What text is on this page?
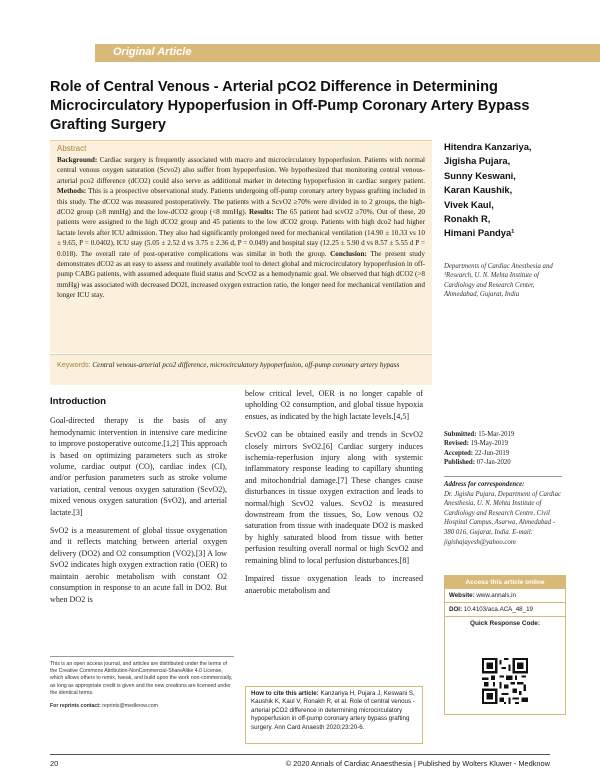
Original Article
Role of Central Venous - Arterial pCO2 Difference in Determining Microcirculatory Hypoperfusion in Off-Pump Coronary Artery Bypass Grafting Surgery
Abstract
Background: Cardiac surgery is frequently associated with macro and microcirculatory hypoperfusion. Patients with normal central venous oxygen saturation (Scvo2) also suffer from hypoperfusion. We hypothesized that monitoring central venous-arterial pco2 difference (dCO2) could also serve as additional marker in detecting hypoperfusion in cardiac surgery patient. Methods: This is a prospective observational study. Patients undergoing off-pump coronary artery bypass grafting included in this study. The dCO2 was measured postoperatively. The patients with a ScvO2 ≥70% were divided in to 2 groups, the high-dCO2 group (≥8 mmHg) and the low-dCO2 group (<8 mmHg). Results: The 65 patient had scvO2 ≥70%. Out of these, 20 patients were assigned to the high dCO2 group and 45 patients to the low dCO2 group. Patients with high dco2 had higher lactate levels after ICU admission. They also had significantly prolonged need for mechanical ventilation (14.90 ± 10.33 vs 10 ± 9.65, P = 0.0402), ICU stay (5.05 ± 2.52 d vs 3.75 ± 2.36 d, P = 0.049) and hospital stay (12.25 ± 5.90 d vs 8.57 ± 5.55 d P = 0.018). The overall rate of post-operative complications was similar in both the group. Conclusion: The present study demonstrates dCO2 as an easy to assess and routinely available tool to detect global and microcirculatory hypoperfusion in off-pump CABG patients, with assumed adequate fluid status and ScvO2 as a hemodynamic goal. We observed that high dCO2 (>8 mmHg) was associated with decreased DO2I, increased oxygen extraction ratio, the longer need for mechanical ventilation and longer ICU stay.
Keywords: Central venous-arterial pco2 difference, microcirculatory hypoperfusion, off-pump coronary artery bypass
Hitendra Kanzariya,
Jigisha Pujara,
Sunny Keswani,
Karan Kaushik,
Vivek Kaul,
Ronakh R,
Himani Pandya¹
Departments of Cardiac Anesthesia and ¹Research, U. N. Mehta Institute of Cardiology and Research Center, Ahmedabad, Gujarat, India
Introduction

Goal-directed therapy is the basis of any hemodynamic intervention in intensive care medicine to improve postoperative outcome.[1,2] This approach is based on optimizing parameters such as stroke volume, cardiac output (CO), cardiac index (CI), and/or perfusion parameters such as stroke volume variation, central venous oxygen saturation (ScvO2), mixed venous oxygen saturation (SvO2), and arterial lactate.[3]

SvO2 is a measurement of global tissue oxygenation and it reflects matching between arterial oxygen delivery (DO2) and O2 consumption (VO2).[3] A low SvO2 indicates high oxygen extraction ratio (OER) to maintain aerobic metabolism with constant O2 consumption in response to an acute fall in DO2. But when DO2 is

below critical level, OER is no longer capable of upholding O2 consumption, and global tissue hypoxia ensues, as indicated by the high lactate levels.[4,5]

ScvO2 can be obtained easily and trends in ScvO2 closely mirrors SvO2.[6] Cardiac surgery induces ischemia-reperfusion injury along with systemic inflammatory response leading to capillary shunting and mitochondrial damage.[7] These changes cause disturbances in tissue oxygen extraction and leads to normal/high ScvO2 values. ScvO2 is measured downstream from the tissues, So, Low venous O2 saturation from tissue with inadequate DO2 is masked by highly saturated blood from tissue with better perfusion resulting overall normal or high ScvO2 and remaining blind to local perfusion disturbances.[8]

Impaired tissue oxygenation leads to increased anaerobic metabolism and

Submitted: 15-Mar-2019
Revised: 19-May-2019
Accepted: 22-Jun-2019
Published: 07-Jan-2020
Address for correspondence:
Dr. Jigisha Pujara, Department of Cardiac Anesthesia, U. N. Mehta Institute of Cardiology and Research Centre, Civil Hospital Campus, Asarwa, Ahmedabad - 380 016, Gujarat, India. E-mail: jigishajayesh@yahoo.com
Access this article online
Website: www.annals.in
DOI: 10.4103/aca.ACA_48_19
Quick Response Code:
This is an open access journal, and articles are distributed under the terms of the Creative Commons Attribution-NonCommercial-ShareAlike 4.0 License, which allows others to remix, tweak, and build upon the work non-commercially, as long as appropriate credit is given and the new creations are licensed under the identical terms.
For reprints contact: reprints@medknow.com
How to cite this article: Kanzariya H, Pujara J, Keswani S, Kaushik K, Kaul V, Ronakh R, et al. Role of central venous - arterial pCO2 difference in determining microcirculatory hypoperfusion in off-pump coronary artery bypass grafting surgery. Ann Card Anaesth 2020;23:20-6.
20	© 2020 Annals of Cardiac Anaesthesia | Published by Wolters Kluwer - Medknow
